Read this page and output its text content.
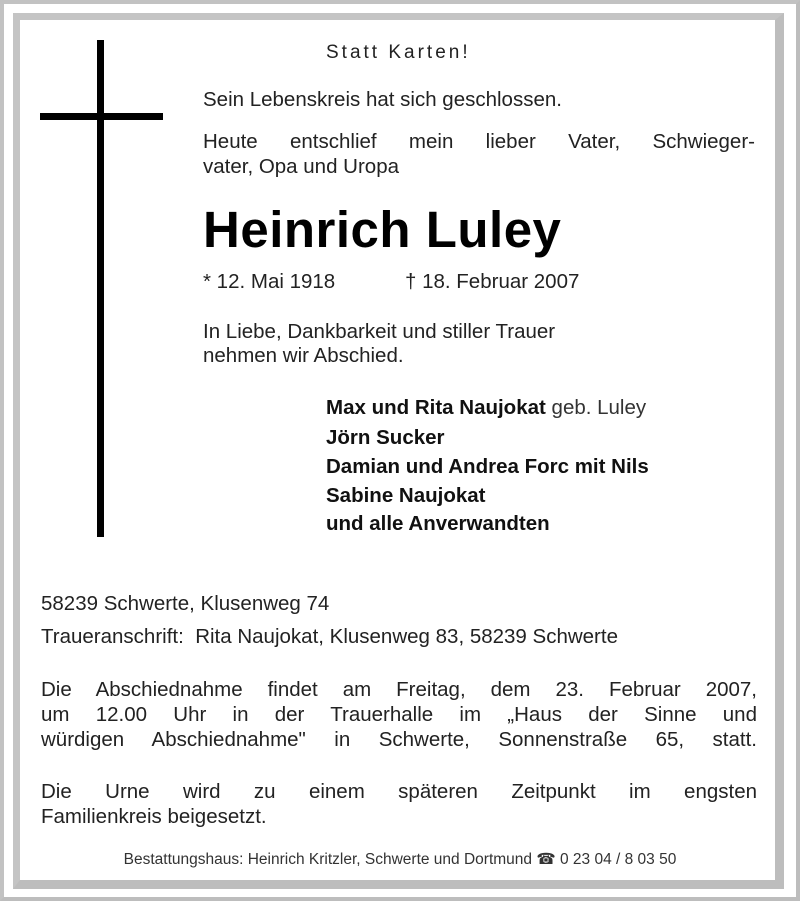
Statt Karten!
Sein Lebenskreis hat sich geschlossen.
Heute entschlief mein lieber Vater, Schwieger-
vater, Opa und Uropa
Heinrich Luley
* 12. Mai 1918	† 18. Februar 2007
In Liebe, Dankbarkeit und stiller Trauer
nehmen wir Abschied.
Max und Rita Naujokat geb. Luley
Jörn Sucker
Damian und Andrea Forc mit Nils
Sabine Naujokat
und alle Anverwandten
58239 Schwerte, Klusenweg 74
Traueranschrift: Rita Naujokat, Klusenweg 83, 58239 Schwerte
Die Abschiednahme findet am Freitag, dem 23. Februar 2007,
um 12.00 Uhr in der Trauerhalle im „Haus der Sinne und
würdigen Abschiednahme" in Schwerte, Sonnenstraße 65, statt.
Die Urne wird zu einem späteren Zeitpunkt im engsten
Familienkreis beigesetzt.
Bestattungshaus: Heinrich Kritzler, Schwerte und Dortmund ☎ 0 23 04 / 8 03 50
